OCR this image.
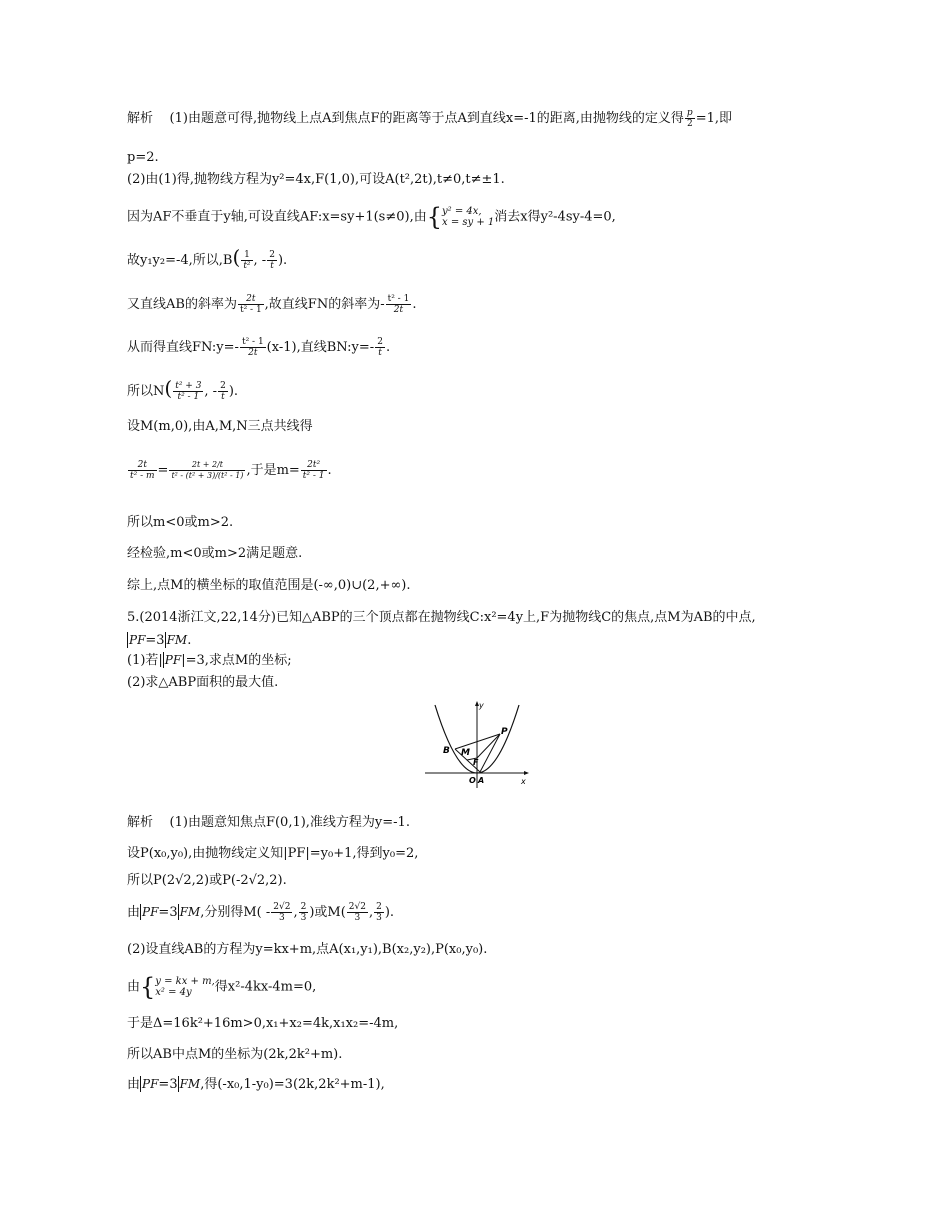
解析 (1)由题意可得,抛物线上点A到焦点F的距离等于点A到直线x=-1的距离,由抛物线的定义得 $\frac{p}{2} =1$,即
p=2.
(2)由(1)得,抛物线方程为y²=4x,F(1,0),可设A(t²,2t),t≠0,t≠±1.
因为AF不垂直于y轴,可设直线AF:x=sy+1(s≠0),由{ y² = 4x,
x = sy + 1 消去x得y²-4sy-4=0,
故y₁y₂=-4,所以$,B( \frac{1}{\text{t²}}$ , - $\frac{2}{t}$ ).
又直线AB的斜率为 $\frac{2t}{\text{t² - 1}}$ ,故直线FN的斜率为- $\frac{\text{t² - 1}}{2t}$ .
从而得直线FN:y=- $\frac{\text{t² - 1}}{2t} (x-1)$,直线BN:y=- $\frac{2}{t}$ .
所以$N( \frac{\text{t² + 3}}{\text{t² - 1}}$ , - $\frac{2}{t}$ ).
设M(m,0),由A,M,N三点共线得
$\frac{2t}{\text{t² - m}} = \frac{2t + 2/t}{\text{t² - (t² + 3)/(t² - 1)}}$ ,于是$m= \frac{\text{2t²}}{\text{t² - 1}}$ .
所以m<0或m>2.
经检验,m<0或m>2满足题意.
综上,点M的横坐标的取值范围是(-∞,0)∪(2,+∞).
5.(2014浙江文,22,14分)已知△ABP的三个顶点都在抛物线C:x²=4y上,F为抛物线C的焦点,点M为AB的中点,
PF=3 FM.
(1)若| PF|=3,求点M的坐标;
(2)求△ABP面积的最大值.
y
x
P
B M
F
O A
解析 (1)由题意知焦点F(0,1),准线方程为y=-1.
设P(x₀,y₀),由抛物线定义知|PF|=y₀+1,得到y₀=2,
所以P(2√2,2)或P(-2√2,2).
由 PF=3 FM,分别得$M( - \frac{2√2}{3}$ , $\frac{2}{3}$ )或$M( \frac{2√2}{3}$ , $\frac{2}{3}$ ).
(2)设直线AB的方程为y=kx+m,点A(x₁,y₁),B(x₂,y₂),P(x₀,y₀).
由{ y = kx + m,
x² = 4y	得x²-4kx-4m=0,
于是Δ=16k²+16m>0,x₁+x₂=4k,x₁x₂=-4m,
所以AB中点M的坐标为(2k,2k²+m).
由 PF=3 FM,得(-x₀,1-y₀)=3(2k,2k²+m-1),
